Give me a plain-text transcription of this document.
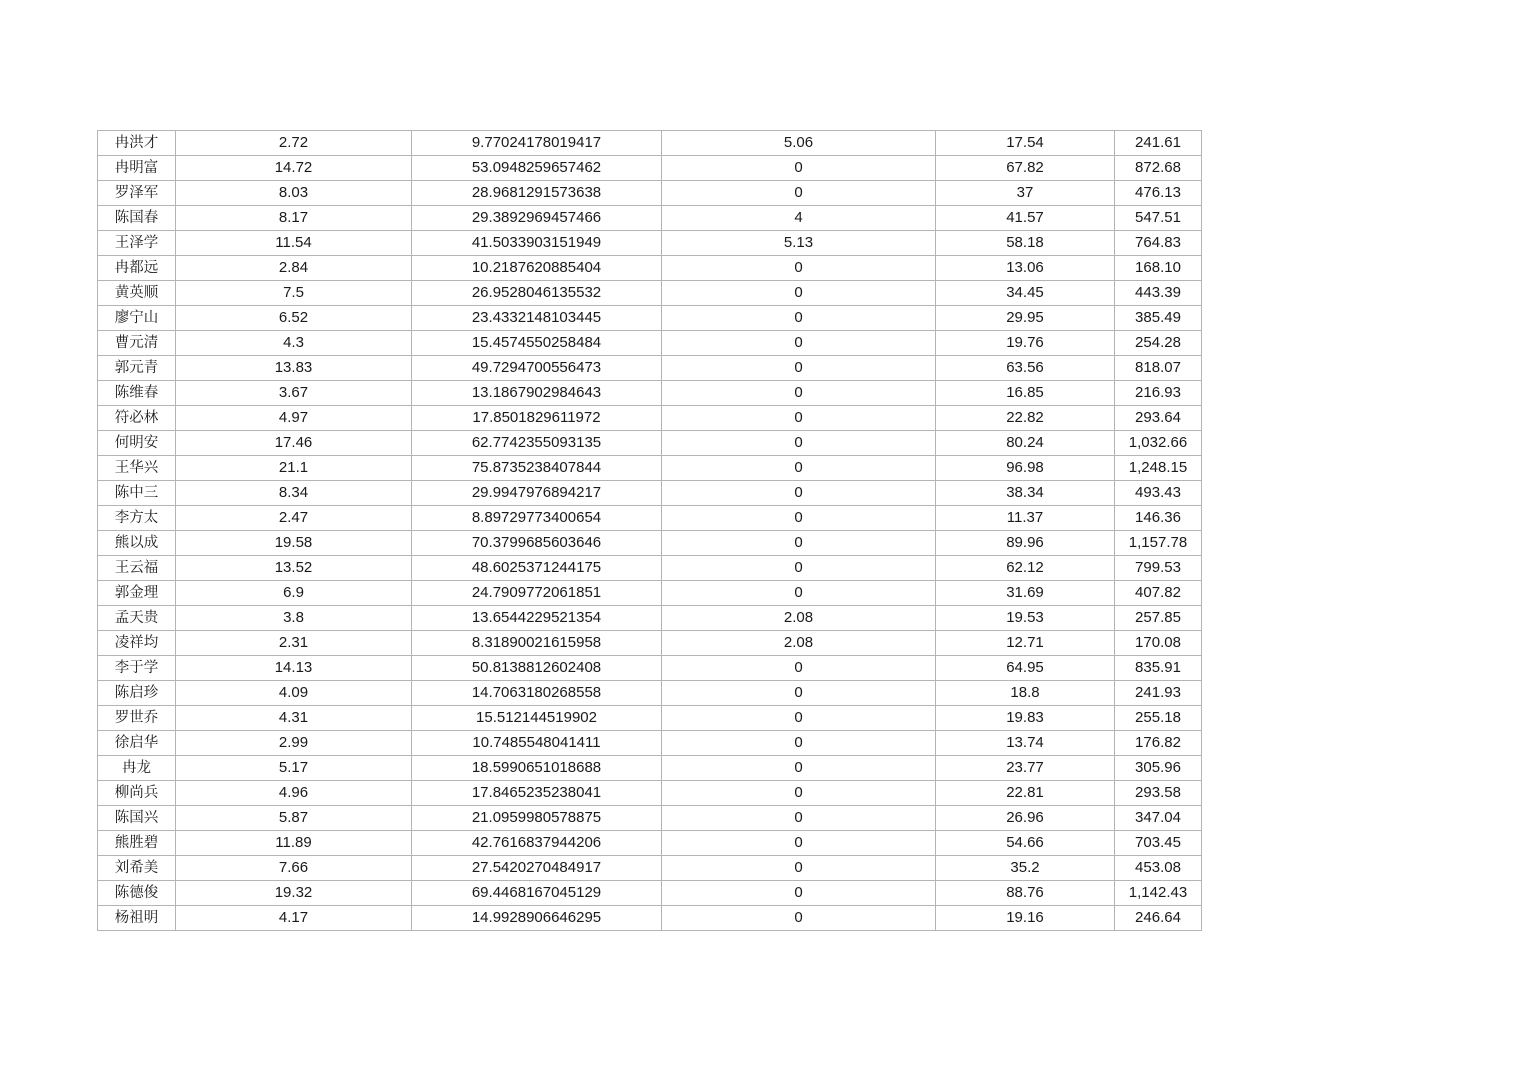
冉洪才	2.72	9.77024178019417	5.06	17.54	241.61
冉明富	14.72	53.0948259657462	0	67.82	872.68
罗泽军	8.03	28.9681291573638	0	37	476.13
陈国春	8.17	29.3892969457466	4	41.57	547.51
王泽学	11.54	41.5033903151949	5.13	58.18	764.83
冉都远	2.84	10.2187620885404	0	13.06	168.10
黄英顺	7.5	26.9528046135532	0	34.45	443.39
廖宁山	6.52	23.4332148103445	0	29.95	385.49
曹元清	4.3	15.4574550258484	0	19.76	254.28
郭元青	13.83	49.7294700556473	0	63.56	818.07
陈维春	3.67	13.1867902984643	0	16.85	216.93
符必林	4.97	17.8501829611972	0	22.82	293.64
何明安	17.46	62.7742355093135	0	80.24	1,032.66
王华兴	21.1	75.8735238407844	0	96.98	1,248.15
陈中三	8.34	29.9947976894217	0	38.34	493.43
李方太	2.47	8.89729773400654	0	11.37	146.36
熊以成	19.58	70.3799685603646	0	89.96	1,157.78
王云福	13.52	48.6025371244175	0	62.12	799.53
郭金理	6.9	24.7909772061851	0	31.69	407.82
孟天贵	3.8	13.6544229521354	2.08	19.53	257.85
凌祥均	2.31	8.31890021615958	2.08	12.71	170.08
李于学	14.13	50.8138812602408	0	64.95	835.91
陈启珍	4.09	14.7063180268558	0	18.8	241.93
罗世乔	4.31	15.512144519902	0	19.83	255.18
徐启华	2.99	10.7485548041411	0	13.74	176.82
冉龙	5.17	18.5990651018688	0	23.77	305.96
柳尚兵	4.96	17.8465235238041	0	22.81	293.58
陈国兴	5.87	21.0959980578875	0	26.96	347.04
熊胜碧	11.89	42.7616837944206	0	54.66	703.45
刘希美	7.66	27.5420270484917	0	35.2	453.08
陈德俊	19.32	69.4468167045129	0	88.76	1,142.43
杨祖明	4.17	14.9928906646295	0	19.16	246.64
